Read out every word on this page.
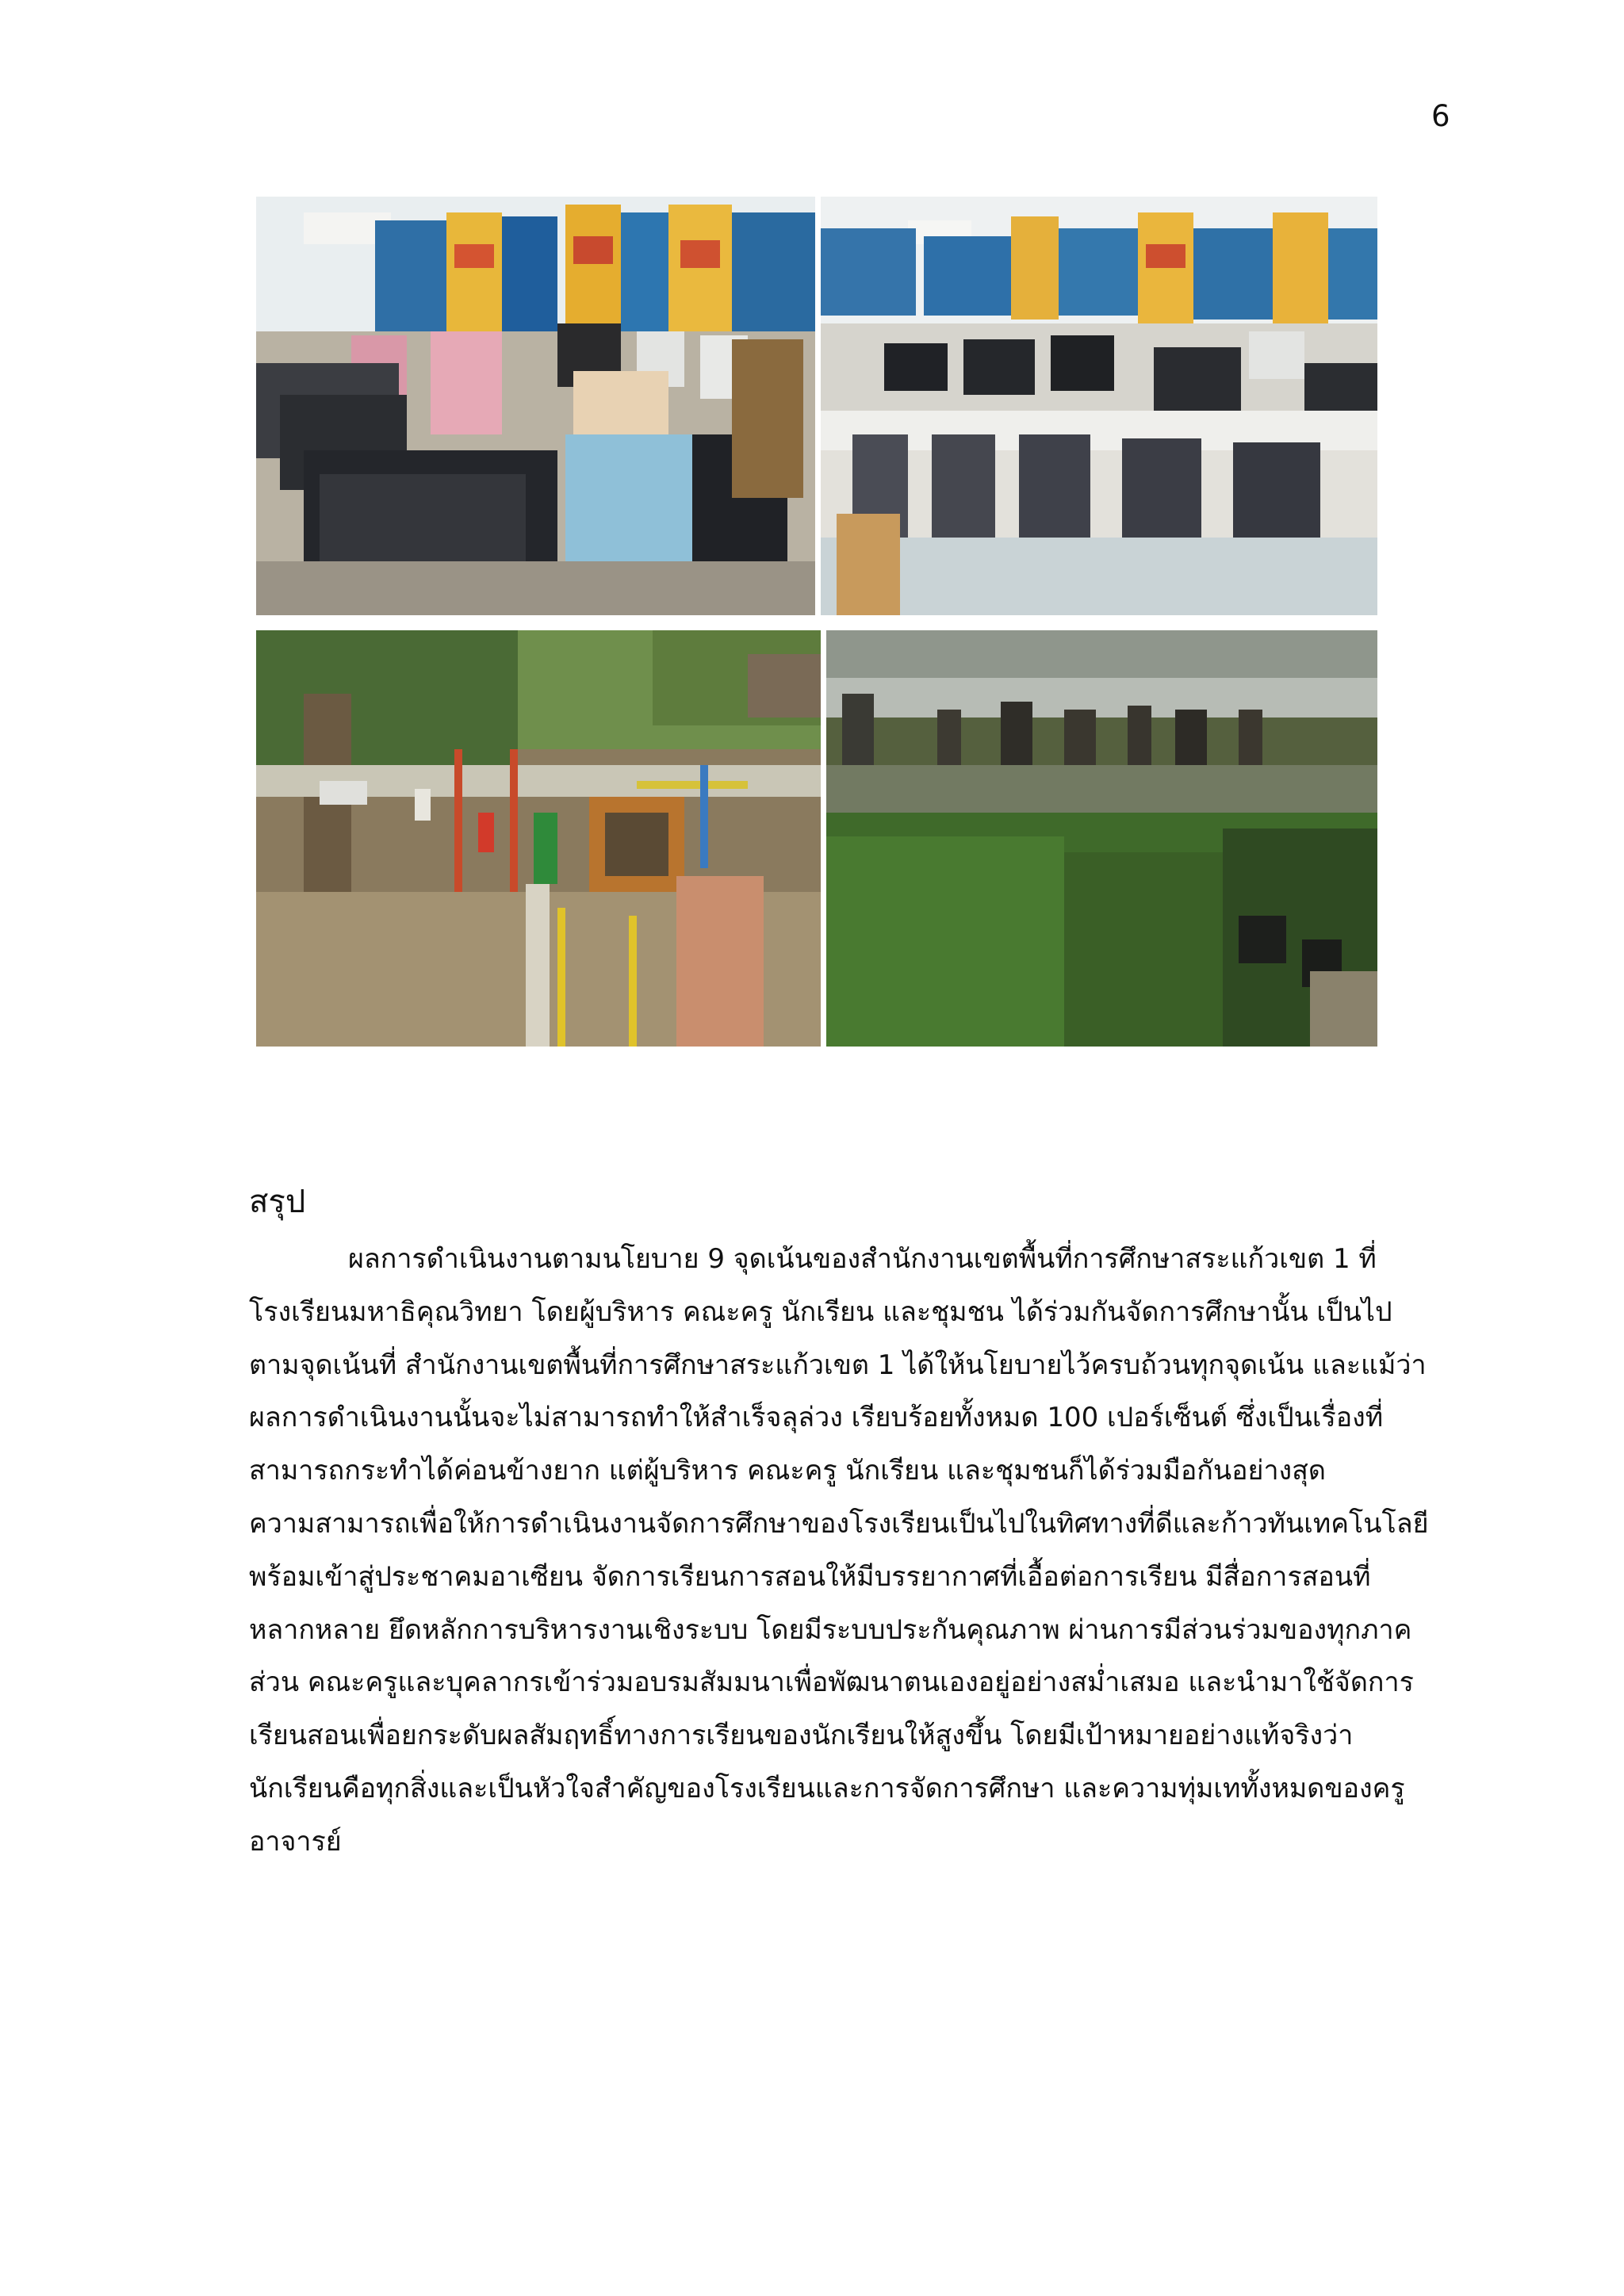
6
สรุป
ผลการดำเนินงานตามนโยบาย 9 จุดเน้นของสำนักงานเขตพื้นที่การศึกษาสระแก้วเขต 1 ที่
โรงเรียนมหาธิคุณวิทยา โดยผู้บริหาร คณะครู นักเรียน และชุมชน ได้ร่วมกันจัดการศึกษานั้น เป็นไป
ตามจุดเน้นที่ สำนักงานเขตพื้นที่การศึกษาสระแก้วเขต 1 ได้ให้นโยบายไว้ครบถ้วนทุกจุดเน้น และแม้ว่า
ผลการดำเนินงานนั้นจะไม่สามารถทำให้สำเร็จลุล่วง เรียบร้อยทั้งหมด 100 เปอร์เซ็นต์ ซึ่งเป็นเรื่องที่
สามารถกระทำได้ค่อนข้างยาก แต่ผู้บริหาร คณะครู นักเรียน และชุมชนก็ได้ร่วมมือกันอย่างสุด
ความสามารถเพื่อให้การดำเนินงานจัดการศึกษาของโรงเรียนเป็นไปในทิศทางที่ดีและก้าวทันเทคโนโลยี
พร้อมเข้าสู่ประชาคมอาเซียน จัดการเรียนการสอนให้มีบรรยากาศที่เอื้อต่อการเรียน มีสื่อการสอนที่
หลากหลาย ยึดหลักการบริหารงานเชิงระบบ โดยมีระบบประกันคุณภาพ ผ่านการมีส่วนร่วมของทุกภาค
ส่วน คณะครูและบุคลากรเข้าร่วมอบรมสัมมนาเพื่อพัฒนาตนเองอยู่อย่างสม่ำเสมอ และนำมาใช้จัดการ
เรียนสอนเพื่อยกระดับผลสัมฤทธิ์ทางการเรียนของนักเรียนให้สูงขึ้น โดยมีเป้าหมายอย่างแท้จริงว่า
นักเรียนคือทุกสิ่งและเป็นหัวใจสำคัญของโรงเรียนและการจัดการศึกษา และความทุ่มเททั้งหมดของครู
อาจารย์
